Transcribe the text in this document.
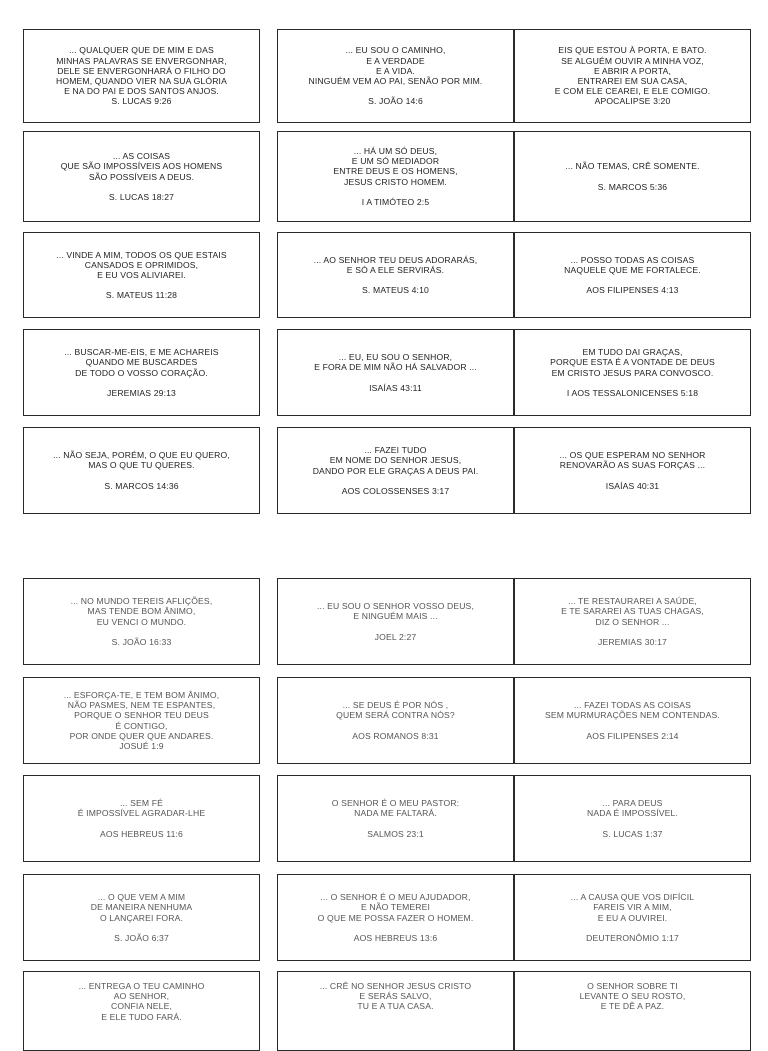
... QUALQUER QUE DE MIM E DAS
MINHAS PALAVRAS SE ENVERGONHAR,
DELE SE ENVERGONHARÁ O FILHO DO
HOMEM, QUANDO VIER NA SUA GLÓRIA
E NA DO PAI E DOS SANTOS ANJOS.
S. LUCAS 9:26
... EU SOU O CAMINHO,
E A VERDADE
E A VIDA.
NINGUÉM VEM AO PAI, SENÃO POR MIM.
S. JOÃO 14:6
EIS QUE ESTOU À PORTA, E BATO.
SE ALGUÉM OUVIR A MINHA VOZ,
E ABRIR A PORTA,
ENTRAREI EM SUA CASA,
E COM ELE CEAREI, E ELE COMIGO.
APOCALIPSE 3:20
... AS COISAS
QUE SÃO IMPOSSÍVEIS AOS HOMENS
SÃO POSSÍVEIS A DEUS.
S. LUCAS 18:27
... HÁ UM SÓ DEUS,
E UM SÓ MEDIADOR
ENTRE DEUS E OS HOMENS,
JESUS CRISTO HOMEM.
I A TIMÓTEO 2:5
... NÃO TEMAS, CRÊ SOMENTE.
S. MARCOS 5:36
... VINDE A MIM, TODOS OS QUE ESTAIS
CANSADOS E OPRIMIDOS,
E EU VOS ALIVIAREI.
S. MATEUS 11:28
... AO SENHOR TEU DEUS ADORARÁS,
E SÓ A ELE SERVIRÁS.
S. MATEUS 4:10
... POSSO TODAS AS COISAS
NAQUELE QUE ME FORTALECE.
AOS FILIPENSES 4:13
... BUSCAR-ME-EIS, E ME ACHAREIS
QUANDO ME BUSCARDES
DE TODO O VOSSO CORAÇÃO.
JEREMIAS 29:13
... EU, EU SOU O SENHOR,
E FORA DE MIM NÃO HÁ SALVADOR ...
ISAÍAS 43:11
EM TUDO DAI GRAÇAS,
PORQUE ESTA É A VONTADE DE DEUS
EM CRISTO JESUS PARA CONVOSCO.
I AOS TESSALONICENSES 5:18
... NÃO SEJA, PORÉM, O QUE EU QUERO,
MAS O QUE TU QUERES.
S. MARCOS 14:36
... FAZEI TUDO
EM NOME DO SENHOR JESUS,
DANDO POR ELE GRAÇAS A DEUS PAI.
AOS COLOSSENSES 3:17
... OS QUE ESPERAM NO SENHOR
RENOVARÃO AS SUAS FORÇAS ...
ISAÍAS 40:31
... NO MUNDO TEREIS AFLIÇÕES,
MAS TENDE BOM ÂNIMO,
EU VENCI O MUNDO.
S. JOÃO 16:33
... EU SOU O SENHOR VOSSO DEUS,
E NINGUÉM MAIS ...
JOEL 2:27
... TE RESTAURAREI A SAÚDE,
E TE SARAREI AS TUAS CHAGAS,
DIZ O SENHOR ...
JEREMIAS 30:17
... ESFORÇA-TE, E TEM BOM ÂNIMO,
NÃO PASMES, NEM TE ESPANTES,
PORQUE O SENHOR TEU DEUS
É CONTIGO,
POR ONDE QUER QUE ANDARES.
JOSUÉ 1:9
... SE DEUS É POR NÓS ,
QUEM SERÁ CONTRA NÓS?
AOS ROMANOS 8:31
... FAZEI TODAS AS COISAS
SEM MURMURAÇÕES NEM CONTENDAS.
AOS FILIPENSES 2:14
... SEM FÉ
É IMPOSSÍVEL AGRADAR-LHE
AOS HEBREUS 11:6
O SENHOR É O MEU PASTOR:
NADA ME FALTARÁ.
SALMOS 23:1
... PARA DEUS
NADA É IMPOSSÍVEL.
S. LUCAS 1:37
... O QUE VEM A MIM
DE MANEIRA NENHUMA
O LANÇAREI FORA.
S. JOÃO 6:37
... O SENHOR É O MEU AJUDADOR,
E NÃO TEMEREI
O QUE ME POSSA FAZER O HOMEM.
AOS HEBREUS 13:6
... A CAUSA QUE VOS DIFÍCIL
FAREIS VIR A MIM,
E EU A OUVIREI.
DEUTERONÔMIO 1:17
... ENTREGA O TEU CAMINHO
AO SENHOR,
CONFIA NELE,
E ELE TUDO FARÁ.
... CRÊ NO SENHOR JESUS CRISTO
E SERÁS SALVO,
TU E A TUA CASA.
O SENHOR SOBRE TI
LEVANTE O SEU ROSTO,
E TE DÊ A PAZ.
